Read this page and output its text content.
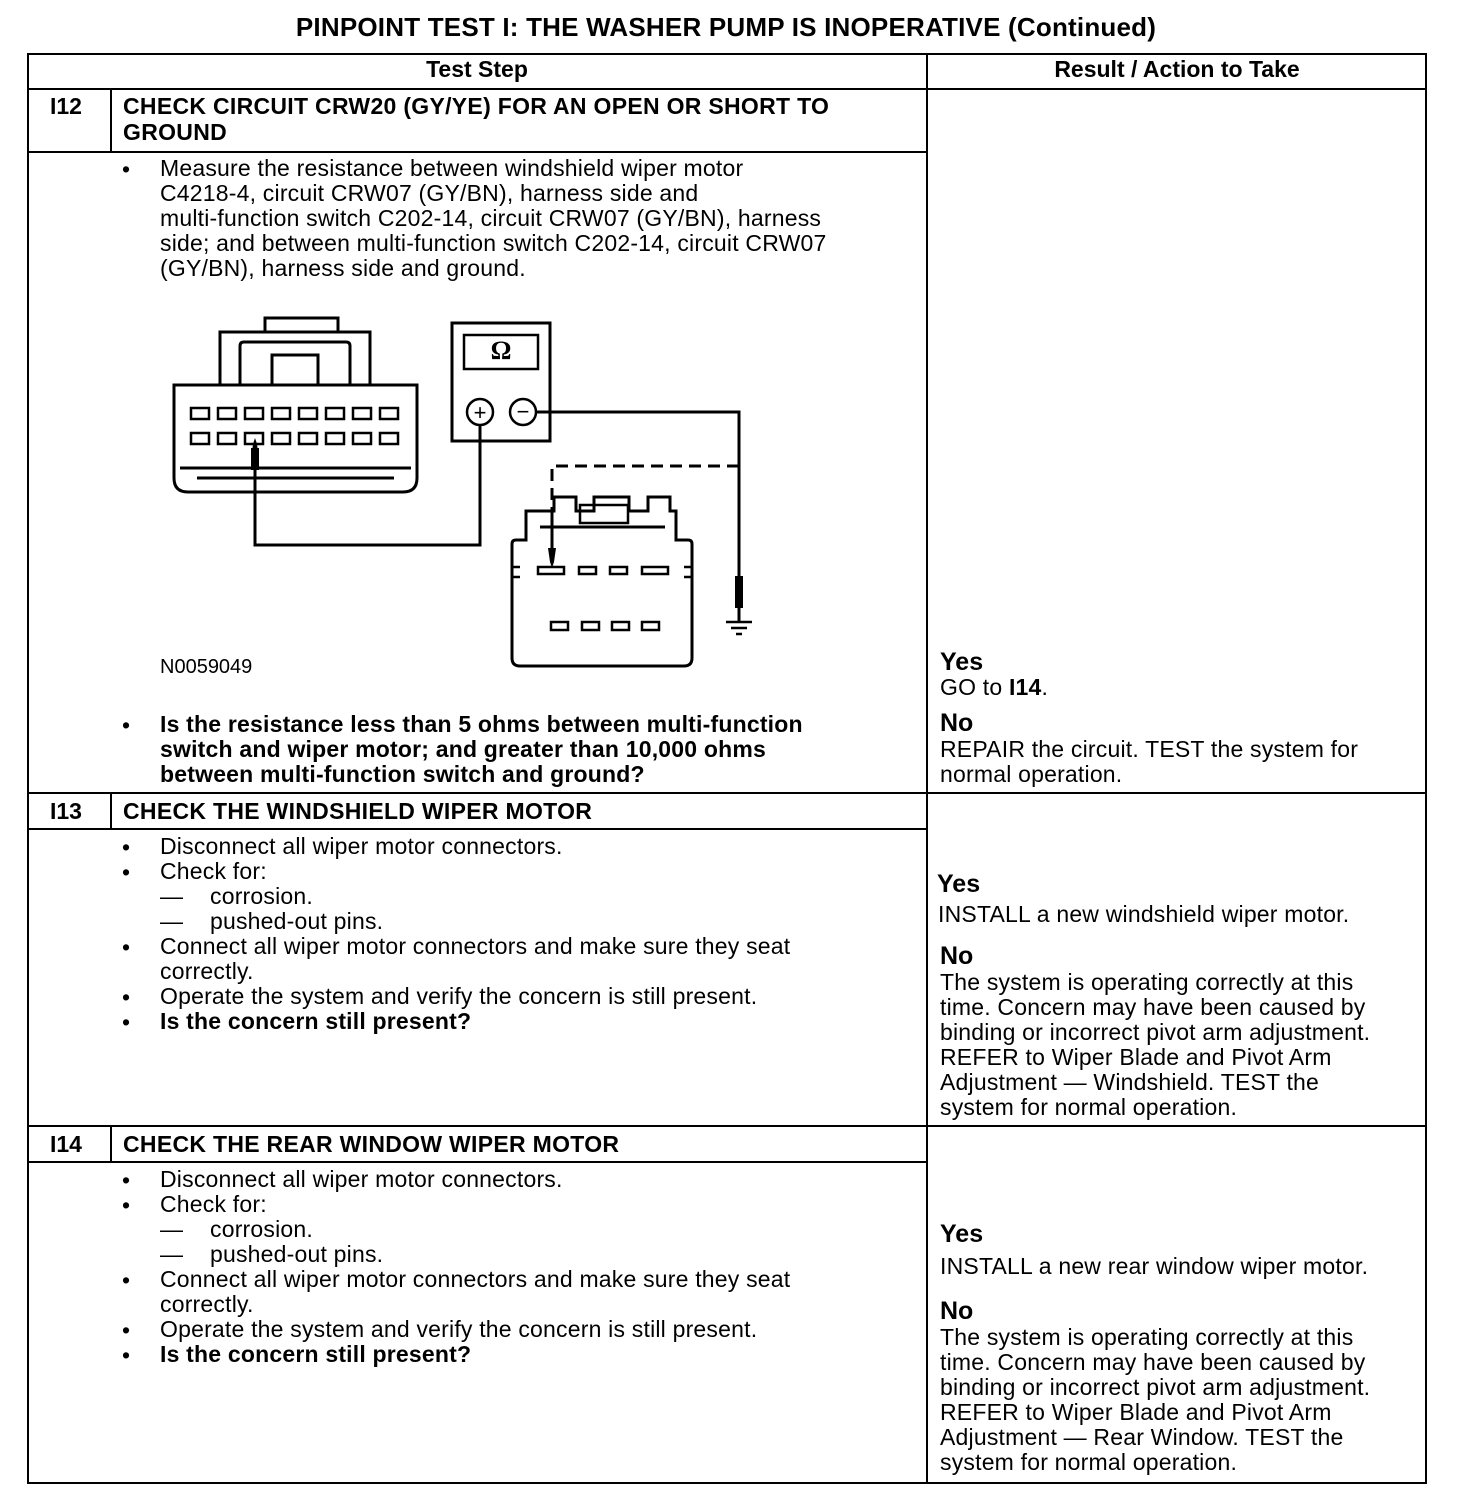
PINPOINT TEST I: THE WASHER PUMP IS INOPERATIVE (Continued)
Test Step	Result / Action to Take
I12 CHECK CIRCUIT CRW20 (GY/YE) FOR AN OPEN OR SHORT TO
GROUND
• Measure the resistance between windshield wiper motor
C4218-4, circuit CRW07 (GY/BN), harness side and
multi-function switch C202-14, circuit CRW07 (GY/BN), harness
side; and between multi-function switch C202-14, circuit CRW07
(GY/BN), harness side and ground.
+ −
Ω
N0059049
• Is the resistance less than 5 ohms between multi-function
switch and wiper motor; and greater than 10,000 ohms
between multi-function switch and ground?
Yes
GO to I14.
No
REPAIR the circuit. TEST the system for
normal operation.
I13 CHECK THE WINDSHIELD WIPER MOTOR
• Disconnect all wiper motor connectors.
• Check for:
— corrosion.
— pushed-out pins.
• Connect all wiper motor connectors and make sure they seat
correctly.
• Operate the system and verify the concern is still present.
• Is the concern still present?
Yes
INSTALL a new windshield wiper motor.
No
The system is operating correctly at this
time. Concern may have been caused by
binding or incorrect pivot arm adjustment.
REFER to Wiper Blade and Pivot Arm
Adjustment — Windshield. TEST the
system for normal operation.
I14 CHECK THE REAR WINDOW WIPER MOTOR
• Disconnect all wiper motor connectors.
• Check for:
— corrosion.
— pushed-out pins.
• Connect all wiper motor connectors and make sure they seat
correctly.
• Operate the system and verify the concern is still present.
• Is the concern still present?
Yes
INSTALL a new rear window wiper motor.
No
The system is operating correctly at this
time. Concern may have been caused by
binding or incorrect pivot arm adjustment.
REFER to Wiper Blade and Pivot Arm
Adjustment — Rear Window. TEST the
system for normal operation.
